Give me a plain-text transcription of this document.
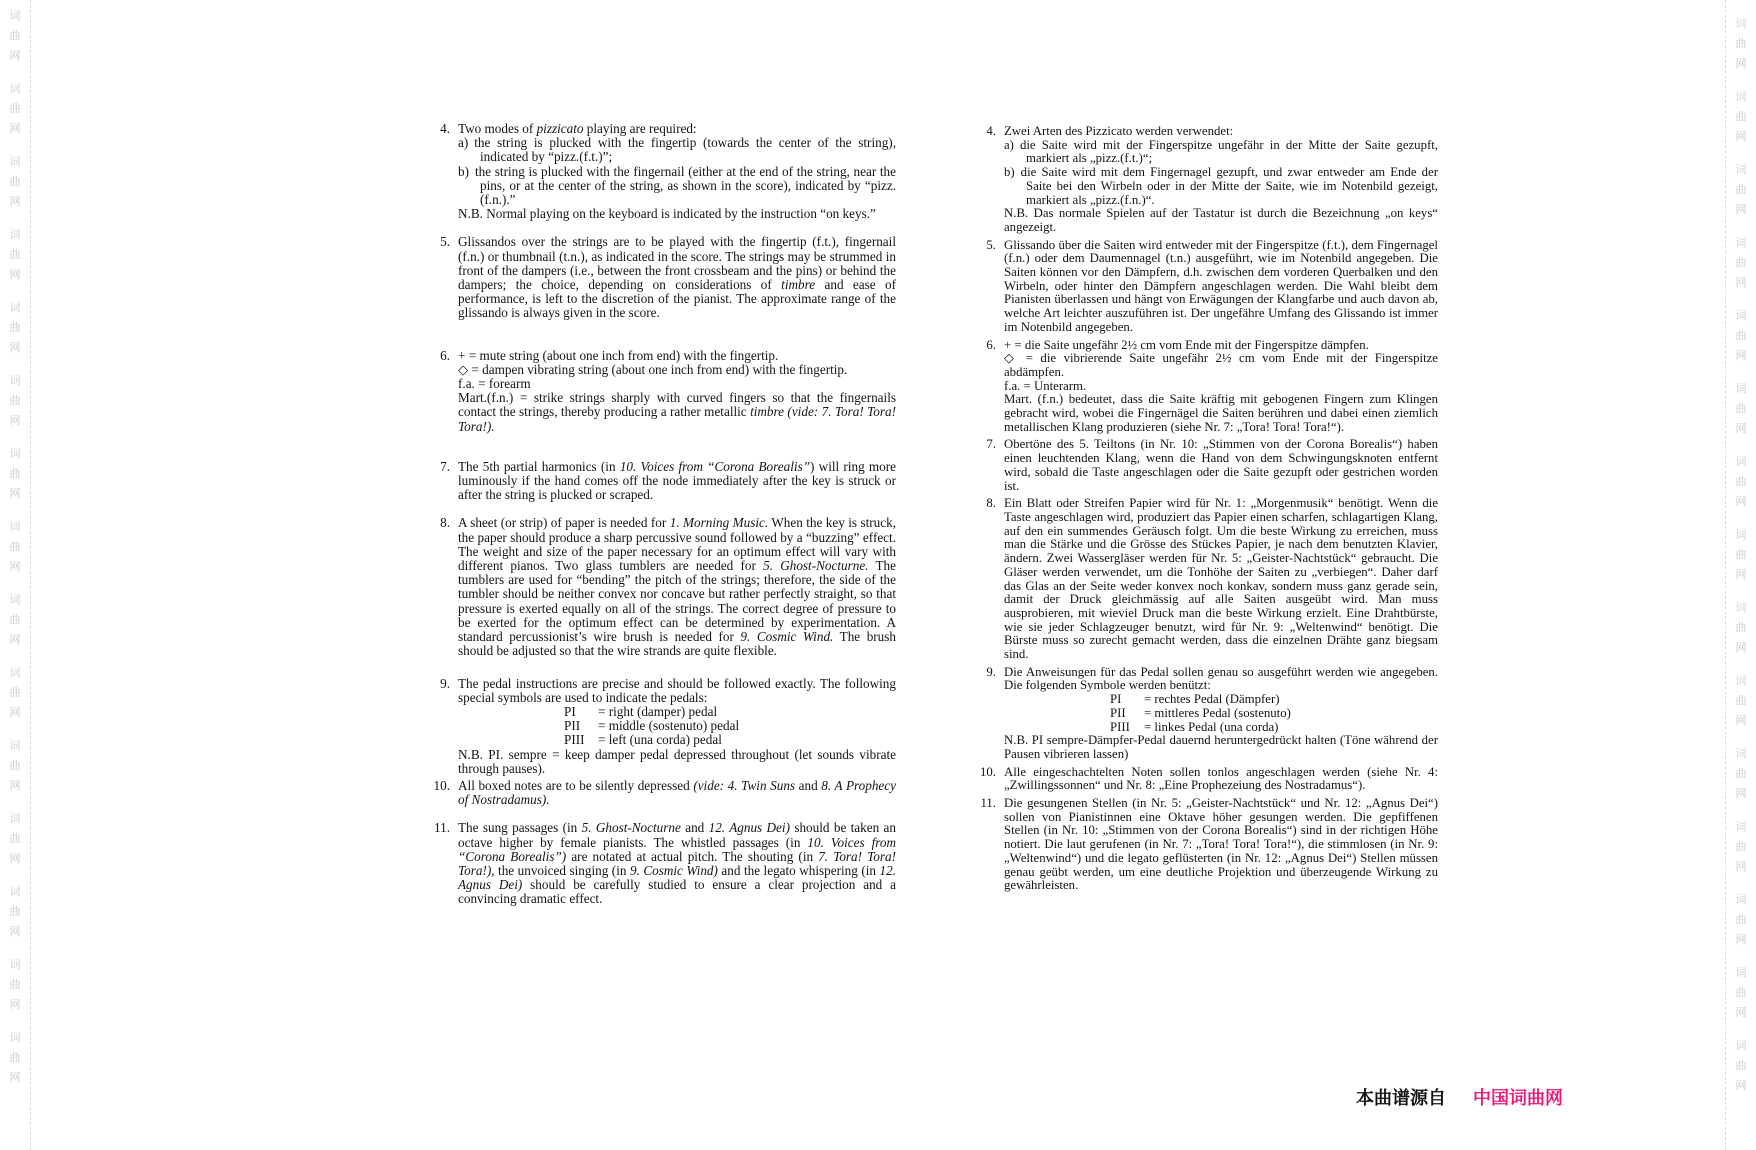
词
曲
网
词
曲
网
词
曲
网
词
曲
网
词
曲
网
词
曲
网
词
曲
网
词
曲
网
词
曲
网
词
曲
网
词
曲
网
词
曲
网
词
曲
网
词
曲
网
词
曲
网
词
曲
网
词
曲
网
词
曲
网
词
曲
网
词
曲
网
词
曲
网
词
曲
网
词
曲
网
词
曲
网
词
曲
网
词
曲
网
词
曲
网
词
曲
网
词
曲
网
词
曲
网
4. Two modes of pizzicato playing are required:
a) the string is plucked with the fingertip (towards the center of the string), indicated by “pizz.(f.t.)”;
b) the string is plucked with the fingernail (either at the end of the string, near the pins, or at the center of the string, as shown in the score), indicated by “pizz.(f.n.).”
N.B. Normal playing on the keyboard is indicated by the instruction “on keys.”
5. Glissandos over the strings are to be played with the fingertip (f.t.), fingernail (f.n.) or thumbnail (t.n.), as indicated in the score. The strings may be strummed in front of the dampers (i.e., between the front crossbeam and the pins) or behind the dampers; the choice, depending on considerations of timbre and ease of performance, is left to the discretion of the pianist. The approximate range of the glissando is always given in the score.
6. + = mute string (about one inch from end) with the fingertip.
◇ = dampen vibrating string (about one inch from end) with the fingertip.
f.a. = forearm
Mart.(f.n.) = strike strings sharply with curved fingers so that the fingernails contact the strings, thereby producing a rather metallic timbre (vide: 7. Tora! Tora! Tora!).
7. The 5th partial harmonics (in 10. Voices from “Corona Borealis”) will ring more luminously if the hand comes off the node immediately after the key is struck or after the string is plucked or scraped.
8. A sheet (or strip) of paper is needed for 1. Morning Music. When the key is struck, the paper should produce a sharp percussive sound followed by a “buzzing” effect. The weight and size of the paper necessary for an optimum effect will vary with different pianos. Two glass tumblers are needed for 5. Ghost-Nocturne. The tumblers are used for “bending” the pitch of the strings; therefore, the side of the tumbler should be neither convex nor concave but rather perfectly straight, so that pressure is exerted equally on all of the strings. The correct degree of pressure to be exerted for the optimum effect can be determined by experimentation. A standard percussionist’s wire brush is needed for 9. Cosmic Wind. The brush should be adjusted so that the wire strands are quite flexible.
9. The pedal instructions are precise and should be followed exactly. The following special symbols are used to indicate the pedals:
PI = right (damper) pedal
PII = middle (sostenuto) pedal
PIII = left (una corda) pedal
N.B. PI. sempre = keep damper pedal depressed throughout (let sounds vibrate through pauses).
10. All boxed notes are to be silently depressed (vide: 4. Twin Suns and 8. A Prophecy of Nostradamus).
11. The sung passages (in 5. Ghost-Nocturne and 12. Agnus Dei) should be taken an octave higher by female pianists. The whistled passages (in 10. Voices from “Corona Borealis”) are notated at actual pitch. The shouting (in 7. Tora! Tora! Tora!), the unvoiced singing (in 9. Cosmic Wind) and the legato whispering (in 12. Agnus Dei) should be carefully studied to ensure a clear projection and a convincing dramatic effect.
4. Zwei Arten des Pizzicato werden verwendet:
a) die Saite wird mit der Fingerspitze ungefähr in der Mitte der Saite gezupft, markiert als „pizz.(f.t.)“;
b) die Saite wird mit dem Fingernagel gezupft, und zwar entweder am Ende der Saite bei den Wirbeln oder in der Mitte der Saite, wie im Notenbild gezeigt, markiert als „pizz.(f.n.)“.
N.B. Das normale Spielen auf der Tastatur ist durch die Bezeichnung „on keys“ angezeigt.
5. Glissando über die Saiten wird entweder mit der Fingerspitze (f.t.), dem Fingernagel (f.n.) oder dem Daumennagel (t.n.) ausgeführt, wie im Notenbild angegeben. Die Saiten können vor den Dämpfern, d.h. zwischen dem vorderen Querbalken und den Wirbeln, oder hinter den Dämpfern angeschlagen werden. Die Wahl bleibt dem Pianisten überlassen und hängt von Erwägungen der Klangfarbe und auch davon ab, welche Art leichter auszuführen ist. Der ungefähre Umfang des Glissando ist immer im Notenbild angegeben.
6. + = die Saite ungefähr 2½ cm vom Ende mit der Fingerspitze dämpfen.
◇ = die vibrierende Saite ungefähr 2½ cm vom Ende mit der Fingerspitze abdämpfen.
f.a. = Unterarm.
Mart. (f.n.) bedeutet, dass die Saite kräftig mit gebogenen Fingern zum Klingen gebracht wird, wobei die Fingernägel die Saiten berühren und dabei einen ziemlich metallischen Klang produzieren (siehe Nr. 7: „Tora! Tora! Tora!“).
7. Obertöne des 5. Teiltons (in Nr. 10: „Stimmen von der Corona Borealis“) haben einen leuchtenden Klang, wenn die Hand von dem Schwingungsknoten entfernt wird, sobald die Taste angeschlagen oder die Saite gezupft oder gestrichen worden ist.
8. Ein Blatt oder Streifen Papier wird für Nr. 1: „Morgenmusik“ benötigt. Wenn die Taste angeschlagen wird, produziert das Papier einen scharfen, schlagartigen Klang, auf den ein summendes Geräusch folgt. Um die beste Wirkung zu erreichen, muss man die Stärke und die Grösse des Stückes Papier, je nach dem benutzten Klavier, ändern. Zwei Wassergläser werden für Nr. 5: „Geister-Nachtstück“ gebraucht. Die Gläser werden verwendet, um die Tonhöhe der Saiten zu „verbiegen“. Daher darf das Glas an der Seite weder konvex noch konkav, sondern muss ganz gerade sein, damit der Druck gleichmässig auf alle Saiten ausgeübt wird. Man muss ausprobieren, mit wieviel Druck man die beste Wirkung erzielt. Eine Drahtbürste, wie sie jeder Schlagzeuger benutzt, wird für Nr. 9: „Weltenwind“ benötigt. Die Bürste muss so zurecht gemacht werden, dass die einzelnen Drähte ganz biegsam sind.
9. Die Anweisungen für das Pedal sollen genau so ausgeführt werden wie angegeben. Die folgenden Symbole werden benützt:
PI = rechtes Pedal (Dämpfer)
PII = mittleres Pedal (sostenuto)
PIII = linkes Pedal (una corda)
N.B. PI sempre-Dämpfer-Pedal dauernd heruntergedrückt halten (Töne während der Pausen vibrieren lassen)
10. Alle eingeschachtelten Noten sollen tonlos angeschlagen werden (siehe Nr. 4: „Zwillingssonnen“ und Nr. 8: „Eine Prophezeiung des Nostradamus“).
11. Die gesungenen Stellen (in Nr. 5: „Geister-Nachtstück“ und Nr. 12: „Agnus Dei“) sollen von Pianistinnen eine Oktave höher gesungen werden. Die gepfiffenen Stellen (in Nr. 10: „Stimmen von der Corona Borealis“) sind in der richtigen Höhe notiert. Die laut gerufenen (in Nr. 7: „Tora! Tora! Tora!“), die stimmlosen (in Nr. 9: „Weltenwind“) und die legato geflüsterten (in Nr. 12: „Agnus Dei“) Stellen müssen genau geübt werden, um eine deutliche Projektion und überzeugende Wirkung zu gewährleisten.
本曲谱源自 中国词曲网
